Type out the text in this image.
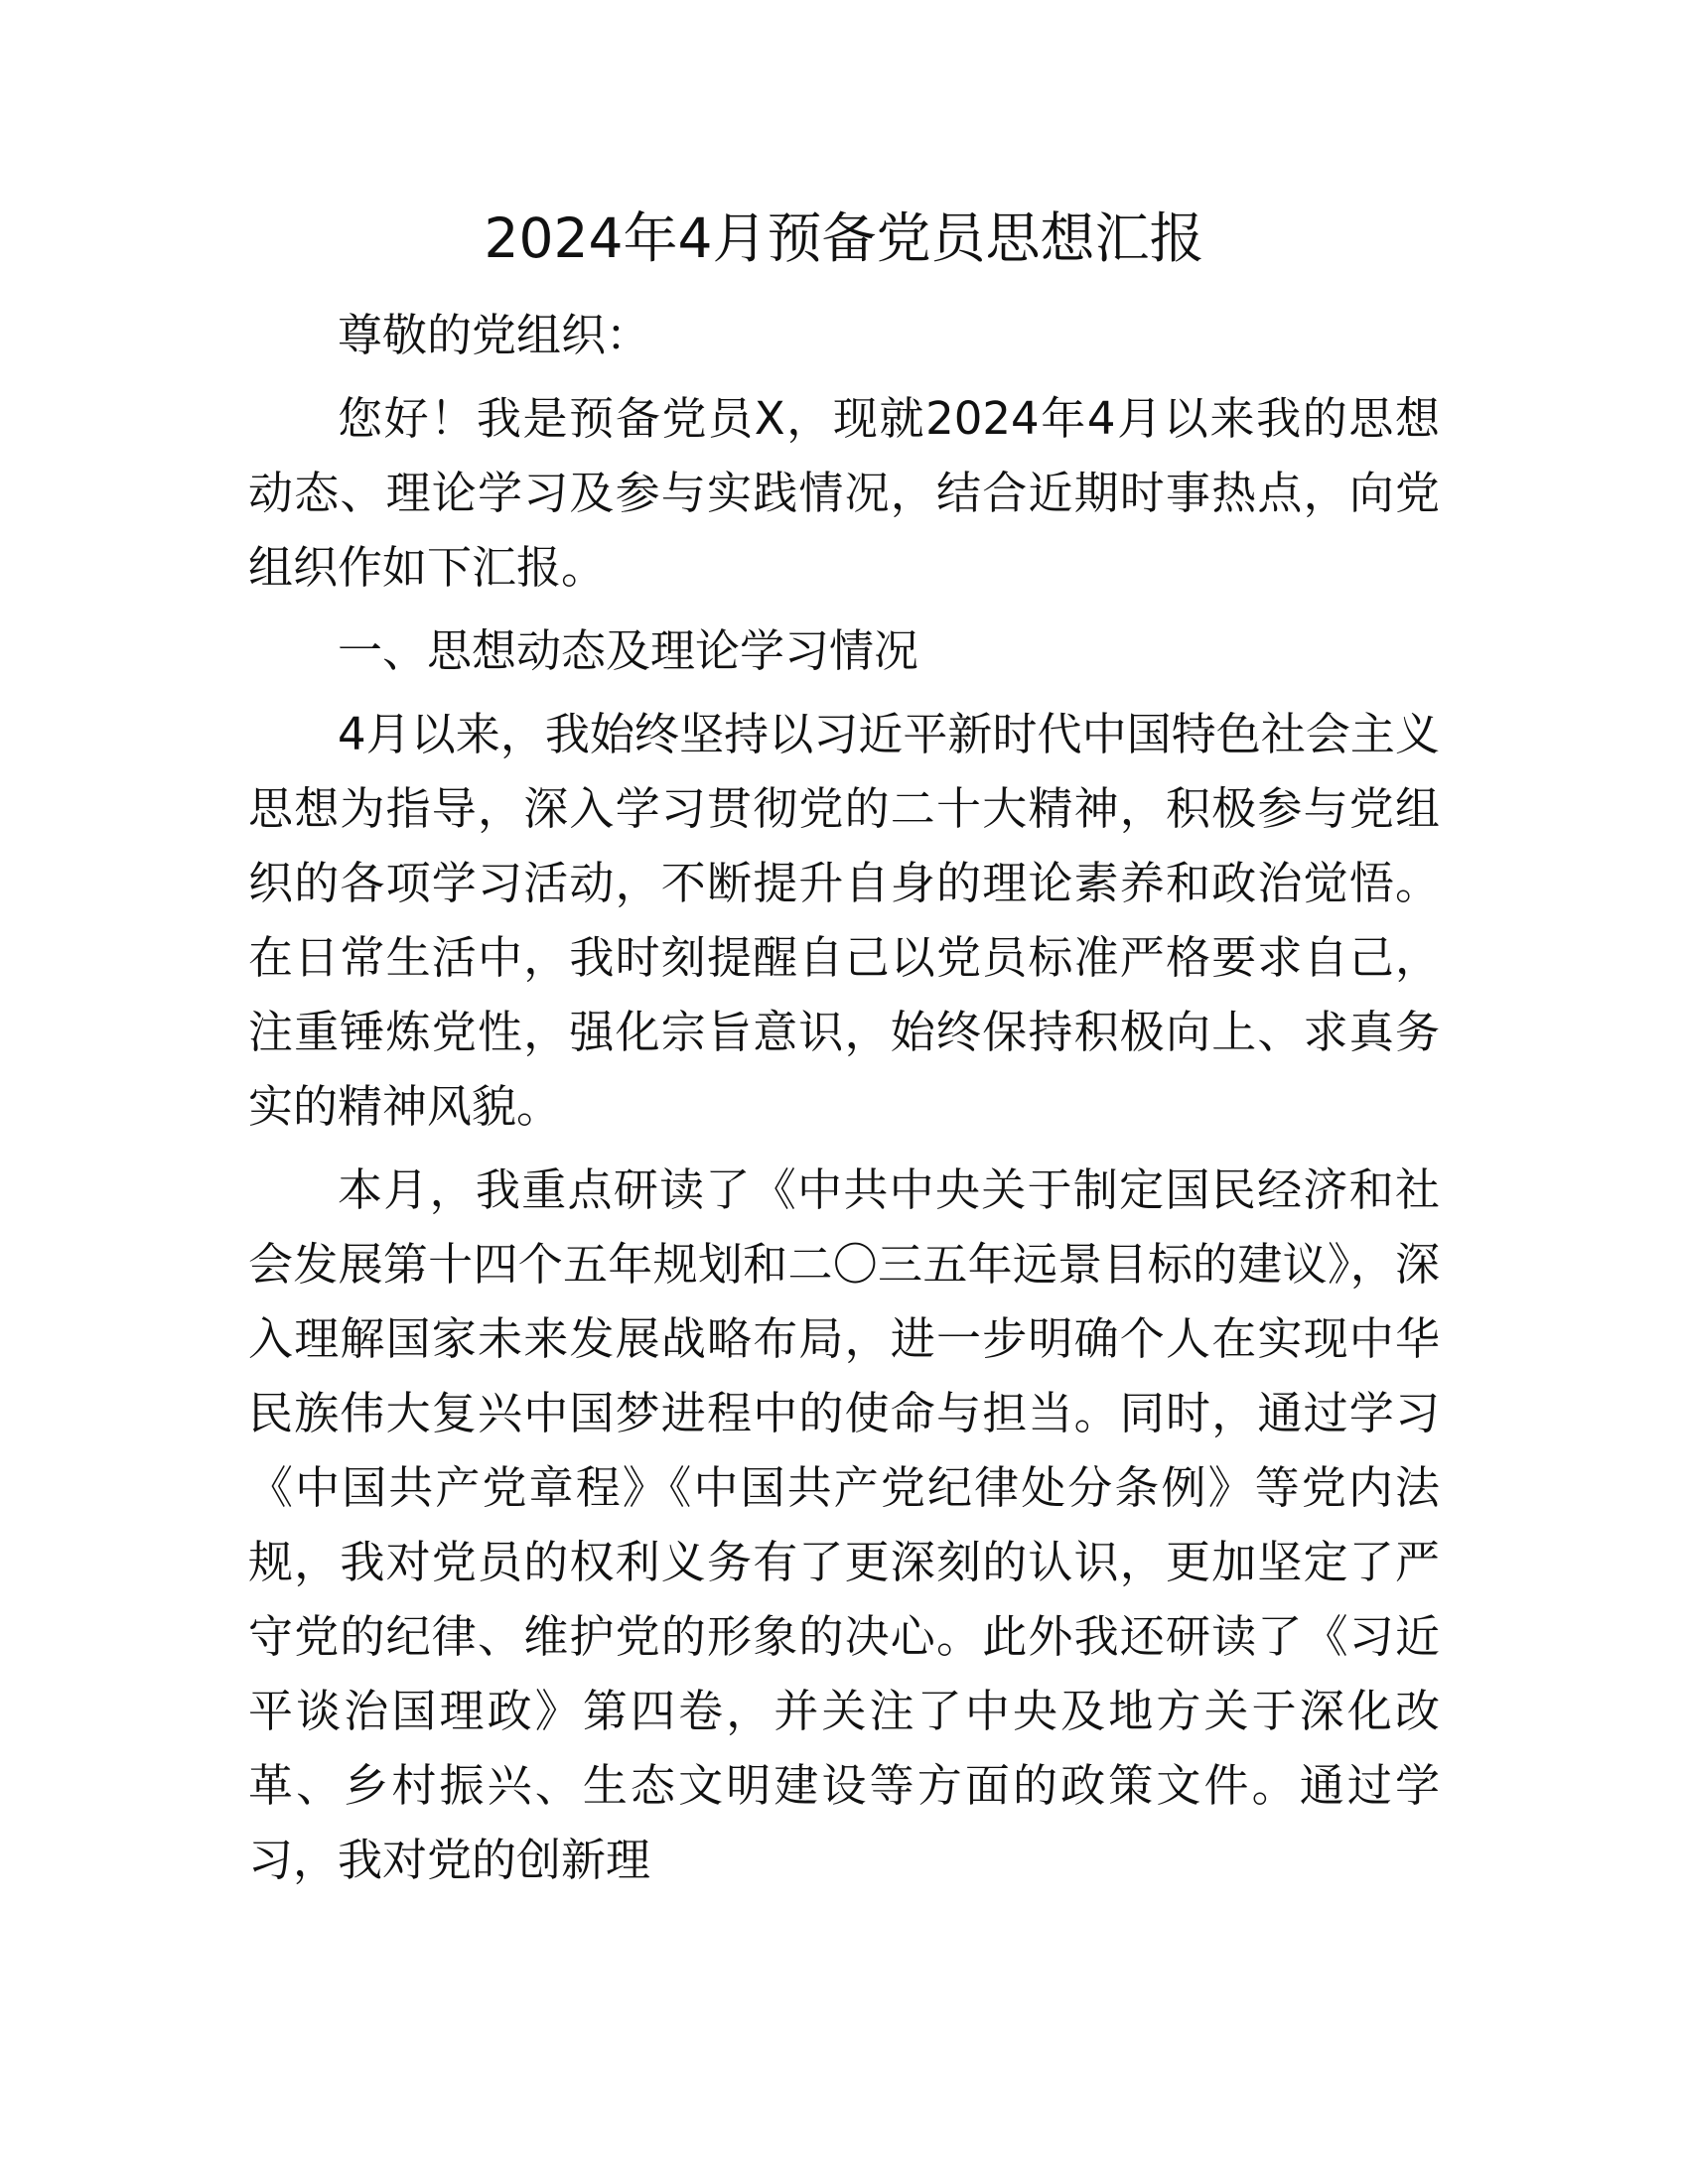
2024年4月预备党员思想汇报

尊敬的党组织：

您好！我是预备党员X，现就2024年4月以来我的思想动态、理论学习及参与实践情况，结合近期时事热点，向党组织作如下汇报。

一、思想动态及理论学习情况

4月以来，我始终坚持以习近平新时代中国特色社会主义思想为指导，深入学习贯彻党的二十大精神，积极参与党组织的各项学习活动，不断提升自身的理论素养和政治觉悟。在日常生活中，我时刻提醒自己以党员标准严格要求自己，注重锤炼党性，强化宗旨意识，始终保持积极向上、求真务实的精神风貌。

本月，我重点研读了《中共中央关于制定国民经济和社会发展第十四个五年规划和二〇三五年远景目标的建议》，深入理解国家未来发展战略布局，进一步明确个人在实现中华民族伟大复兴中国梦进程中的使命与担当。同时，通过学习《中国共产党章程》《中国共产党纪律处分条例》等党内法规，我对党员的权利义务有了更深刻的认识，更加坚定了严守党的纪律、维护党的形象的决心。此外我还研读了《习近平谈治国理政》第四卷，并关注了中央及地方关于深化改革、乡村振兴、生态文明建设等方面的政策文件。通过学习，我对党的创新理
